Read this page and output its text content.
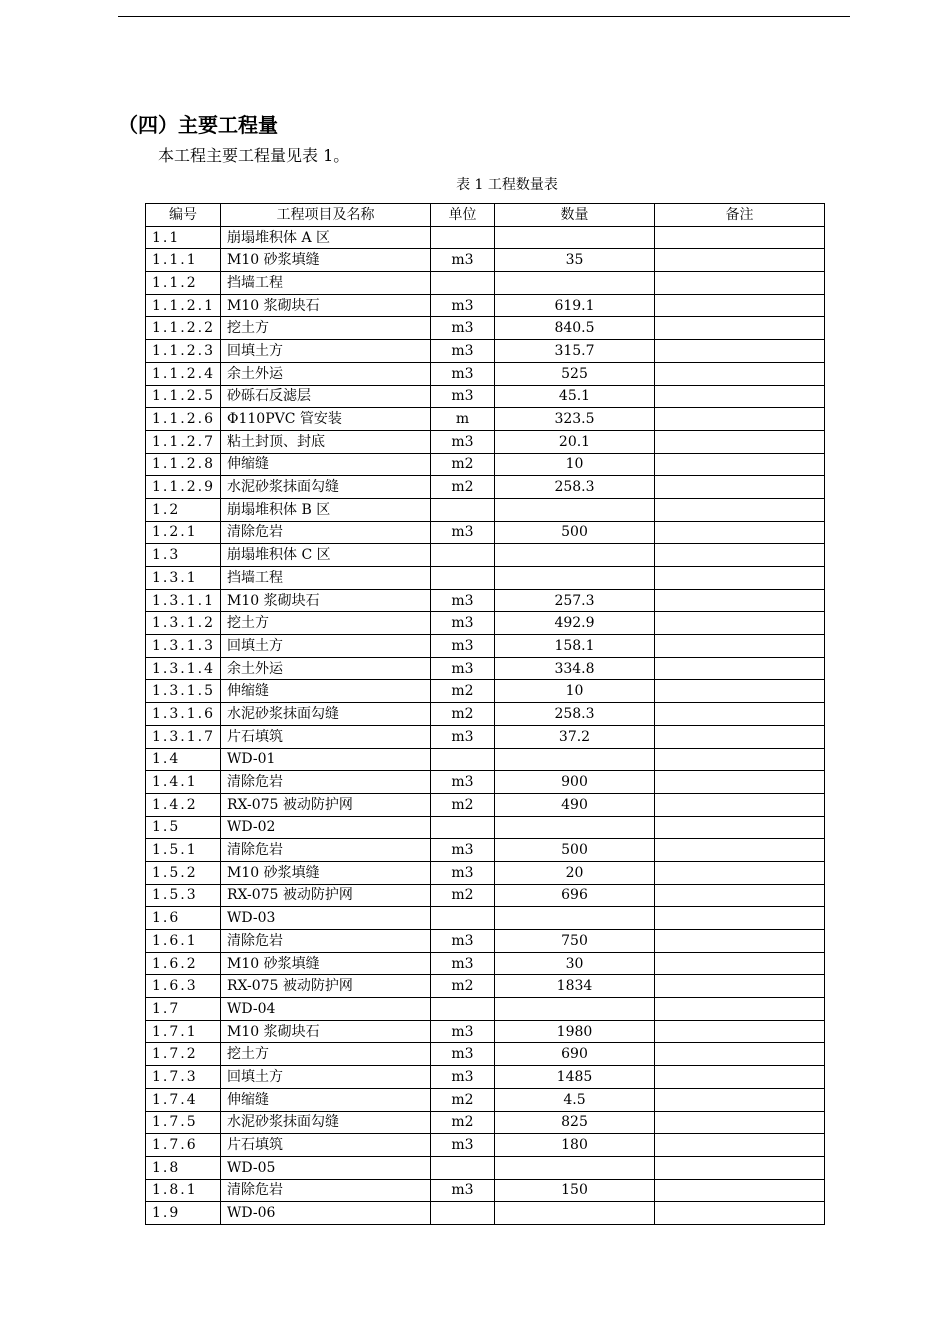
（四）主要工程量
本工程主要工程量见表 1。
表 1 工程数量表
编号	工程项目及名称	单位	数量	备注
1.1	崩塌堆积体 A 区			
1.1.1	M10 砂浆填缝	m3	35	
1.1.2	挡墙工程			
1.1.2.1	M10 浆砌块石	m3	619.1	
1.1.2.2	挖土方	m3	840.5	
1.1.2.3	回填土方	m3	315.7	
1.1.2.4	余土外运	m3	525	
1.1.2.5	砂砾石反滤层	m3	45.1	
1.1.2.6	Φ110PVC 管安装	m	323.5	
1.1.2.7	粘土封顶、封底	m3	20.1	
1.1.2.8	伸缩缝	m2	10	
1.1.2.9	水泥砂浆抹面勾缝	m2	258.3	
1.2	崩塌堆积体 B 区			
1.2.1	清除危岩	m3	500	
1.3	崩塌堆积体 C 区			
1.3.1	挡墙工程			
1.3.1.1	M10 浆砌块石	m3	257.3	
1.3.1.2	挖土方	m3	492.9	
1.3.1.3	回填土方	m3	158.1	
1.3.1.4	余土外运	m3	334.8	
1.3.1.5	伸缩缝	m2	10	
1.3.1.6	水泥砂浆抹面勾缝	m2	258.3	
1.3.1.7	片石填筑	m3	37.2	
1.4	WD-01			
1.4.1	清除危岩	m3	900	
1.4.2	RX-075 被动防护网	m2	490	
1.5	WD-02			
1.5.1	清除危岩	m3	500	
1.5.2	M10 砂浆填缝	m3	20	
1.5.3	RX-075 被动防护网	m2	696	
1.6	WD-03			
1.6.1	清除危岩	m3	750	
1.6.2	M10 砂浆填缝	m3	30	
1.6.3	RX-075 被动防护网	m2	1834	
1.7	WD-04			
1.7.1	M10 浆砌块石	m3	1980	
1.7.2	挖土方	m3	690	
1.7.3	回填土方	m3	1485	
1.7.4	伸缩缝	m2	4.5	
1.7.5	水泥砂浆抹面勾缝	m2	825	
1.7.6	片石填筑	m3	180	
1.8	WD-05			
1.8.1	清除危岩	m3	150	
1.9	WD-06			
